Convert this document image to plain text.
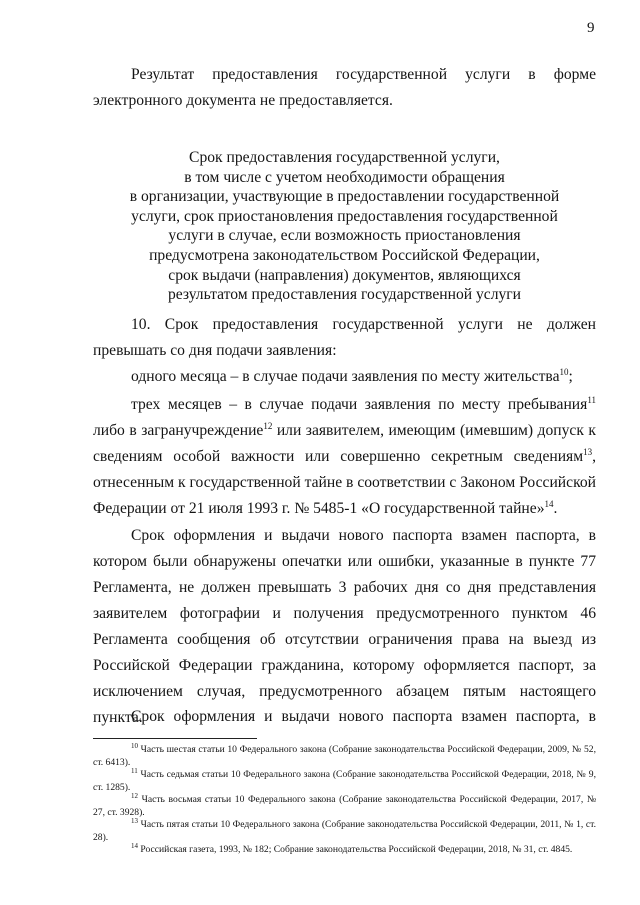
9
Результат предоставления государственной услуги в форме электронного документа не предоставляется.
Срок предоставления государственной услуги,
в том числе с учетом необходимости обращения
в организации, участвующие в предоставлении государственной
услуги, срок приостановления предоставления государственной
услуги в случае, если возможность приостановления
предусмотрена законодательством Российской Федерации,
срок выдачи (направления) документов, являющихся
результатом предоставления государственной услуги
10. Срок предоставления государственной услуги не должен превышать со дня подачи заявления:
одного месяца – в случае подачи заявления по месту жительства$^{10}$;
трех месяцев – в случае подачи заявления по месту пребывания$^{11}$ либо в загранучреждение$^{12}$ или заявителем, имеющим (имевшим) допуск к сведениям особой важности или совершенно секретным сведениям$^{13}$, отнесенным к государственной тайне в соответствии с Законом Российской Федерации от 21 июля 1993 г. № 5485-1 «О государственной тайне»$^{14}$.
Срок оформления и выдачи нового паспорта взамен паспорта, в котором были обнаружены опечатки или ошибки, указанные в пункте 77 Регламента, не должен превышать 3 рабочих дня со дня представления заявителем фотографии и получения предусмотренного пунктом 46 Регламента сообщения об отсутствии ограничения права на выезд из Российской Федерации гражданина, которому оформляется паспорт, за исключением случая, предусмотренного абзацем пятым настоящего пункта.
Срок оформления и выдачи нового паспорта взамен паспорта, в
$^{10}$ Часть шестая статьи 10 Федерального закона (Собрание законодательства Российской Федерации, 2009, № 52, ст. 6413).
$^{11}$ Часть седьмая статьи 10 Федерального закона (Собрание законодательства Российской Федерации, 2018, № 9, ст. 1285).
$^{12}$ Часть восьмая статьи 10 Федерального закона (Собрание законодательства Российской Федерации, 2017, № 27, ст. 3928).
$^{13}$ Часть пятая статьи 10 Федерального закона (Собрание законодательства Российской Федерации, 2011, № 1, ст. 28).
$^{14}$ Российская газета, 1993, № 182; Собрание законодательства Российской Федерации, 2018, № 31, ст. 4845.
